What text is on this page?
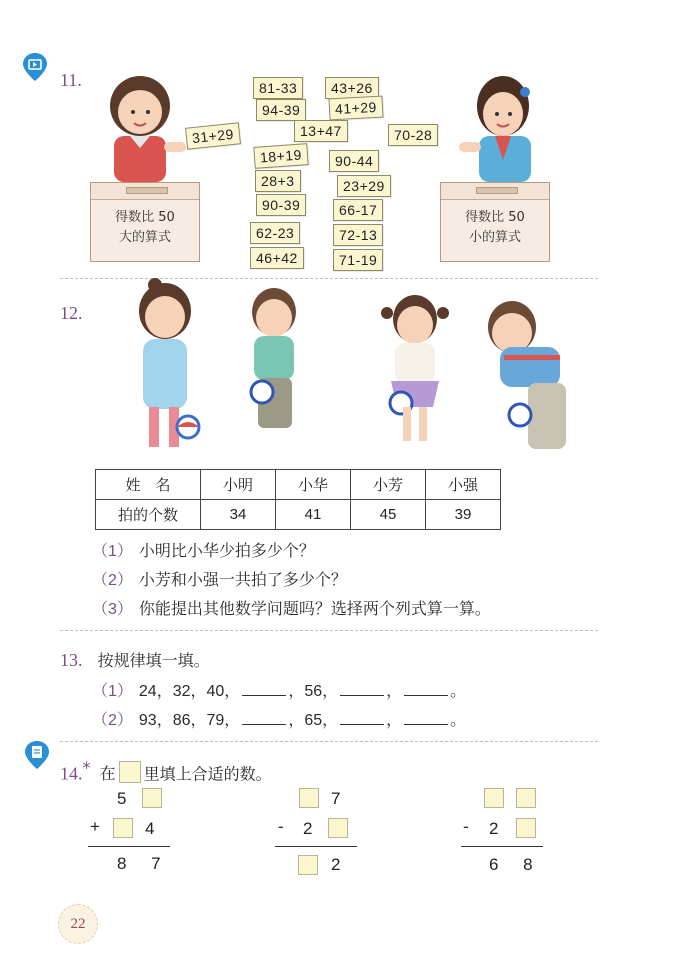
11.
31+29	70-28
81-33	43+26
94-39	41+29
13+47
18+19	90-44
28+3	23+29
90-39	66-17
62-23	72-13
46+42	71-19
得数比 50
大的算式
得数比 50
小的算式
12.
姓　名	小明	小华	小芳	小强
拍的个数	34	41	45	39
（1） 小明比小华少拍多少个？
（2） 小芳和小强一共拍了多少个？
（3） 你能提出其他数学问题吗？选择两个列式算一算。
13. 按规律填一填。
（1） 24，32，40，	，56，	，	。
（2） 93，86，79，	，65，	，	。
14.* 在 里填上合适的数。
5
+	4
8 7
7
- 2
2
- 2
6 8
22
